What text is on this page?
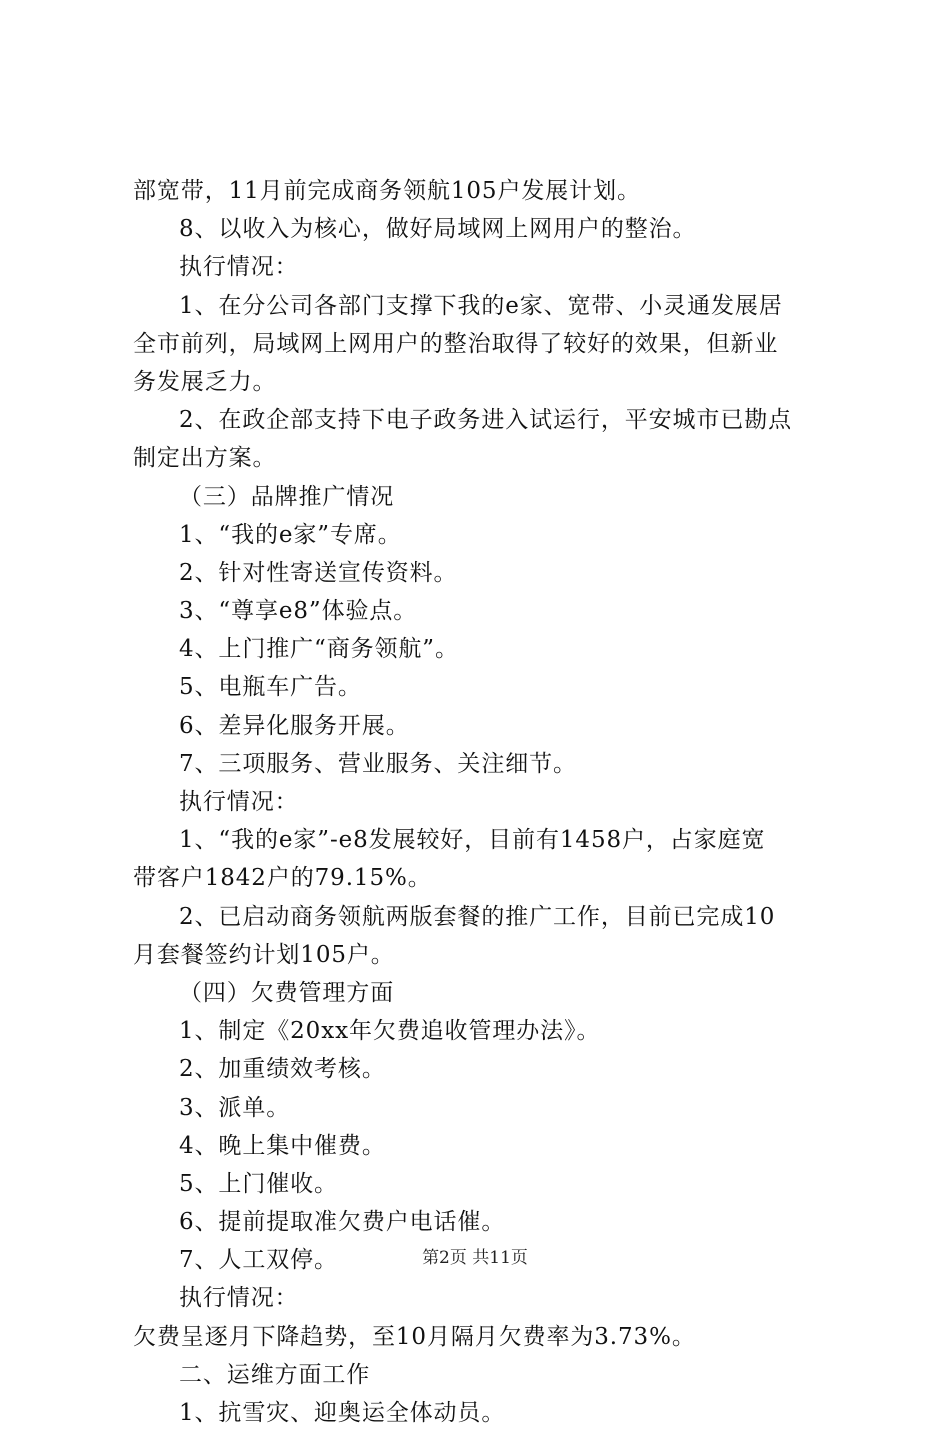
部宽带，11月前完成商务领航105户发展计划。
8、以收入为核心，做好局域网上网用户的整治。
执行情况：
1、在分公司各部门支撑下我的e家、宽带、小灵通发展居
全市前列，局域网上网用户的整治取得了较好的效果，但新业
务发展乏力。
2、在政企部支持下电子政务进入试运行，平安城市已勘点
制定出方案。
（三）品牌推广情况
1、“我的e家”专席。
2、针对性寄送宣传资料。
3、“尊享e8”体验点。
4、上门推广“商务领航”。
5、电瓶车广告。
6、差异化服务开展。
7、三项服务、营业服务、关注细节。
执行情况：
1、“我的e家”-e8发展较好，目前有1458户，占家庭宽
带客户1842户的79.15%。
2、已启动商务领航两版套餐的推广工作，目前已完成10
月套餐签约计划105户。
（四）欠费管理方面
1、制定《20xx年欠费追收管理办法》。
2、加重绩效考核。
3、派单。
4、晚上集中催费。
5、上门催收。
6、提前提取准欠费户电话催。
7、人工双停。
执行情况：
欠费呈逐月下降趋势，至10月隔月欠费率为3.73%。
二、运维方面工作
1、抗雪灾、迎奥运全体动员。
第2页 共11页
